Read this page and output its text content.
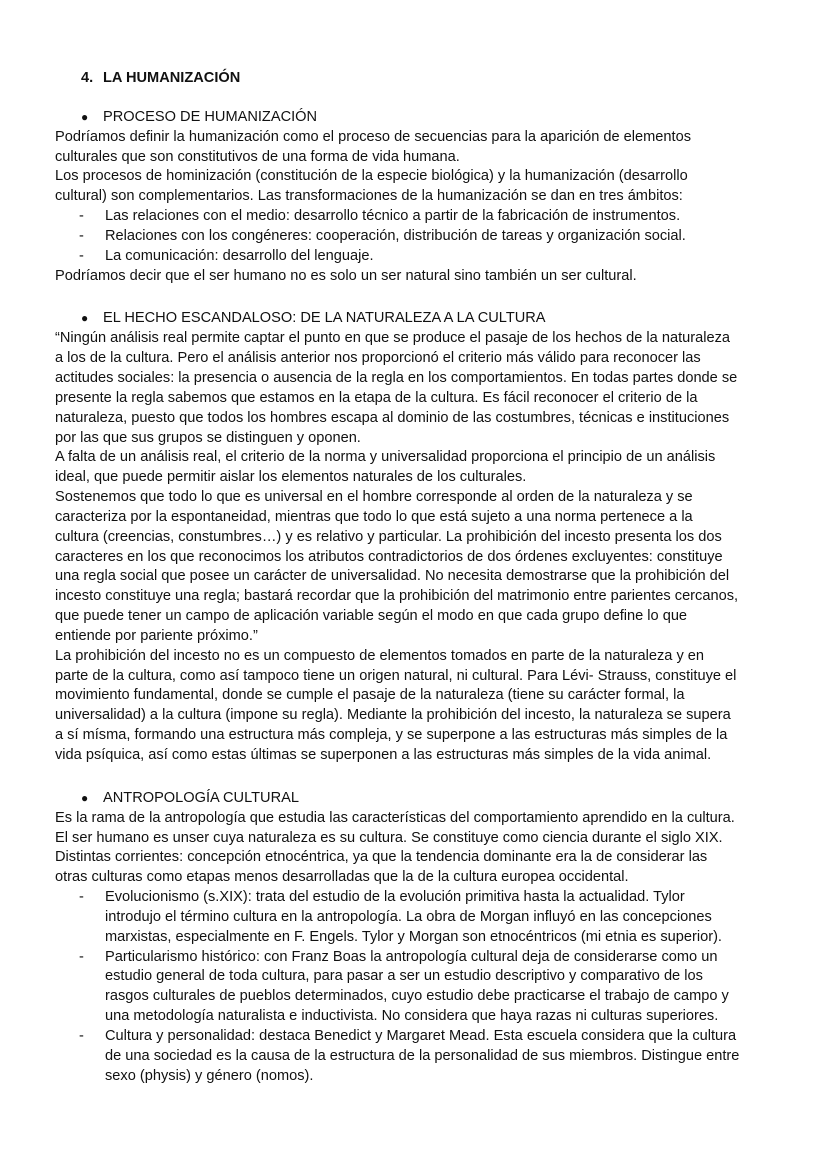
4. LA HUMANIZACIÓN
● PROCESO DE HUMANIZACIÓN
Podríamos definir la humanización como el proceso de secuencias para la aparición de elementos
culturales que son constitutivos de una forma de vida humana.
Los procesos de hominización (constitución de la especie biológica) y la humanización (desarrollo
cultural) son complementarios. Las transformaciones de la humanización se dan en tres ámbitos:
- Las relaciones con el medio: desarrollo técnico a partir de la fabricación de instrumentos.
- Relaciones con los congéneres: cooperación, distribución de tareas y organización social.
- La comunicación: desarrollo del lenguaje.
Podríamos decir que el ser humano no es solo un ser natural sino también un ser cultural.
● EL HECHO ESCANDALOSO: DE LA NATURALEZA A LA CULTURA
“Ningún análisis real permite captar el punto en que se produce el pasaje de los hechos de la naturaleza
a los de la cultura. Pero el análisis anterior nos proporcionó el criterio más válido para reconocer las
actitudes sociales: la presencia o ausencia de la regla en los comportamientos. En todas partes donde se
presente la regla sabemos que estamos en la etapa de la cultura. Es fácil reconocer el criterio de la
naturaleza, puesto que todos los hombres escapa al dominio de las costumbres, técnicas e instituciones
por las que sus grupos se distinguen y oponen.
A falta de un análisis real, el criterio de la norma y universalidad proporciona el principio de un análisis
ideal, que puede permitir aislar los elementos naturales de los culturales.
Sostenemos que todo lo que es universal en el hombre corresponde al orden de la naturaleza y se
caracteriza por la espontaneidad, mientras que todo lo que está sujeto a una norma pertenece a la
cultura (creencias, constumbres…) y es relativo y particular. La prohibición del incesto presenta los dos
caracteres en los que reconocimos los atributos contradictorios de dos órdenes excluyentes: constituye
una regla social que posee un carácter de universalidad. No necesita demostrarse que la prohibición del
incesto constituye una regla; bastará recordar que la prohibición del matrimonio entre parientes cercanos,
que puede tener un campo de aplicación variable según el modo en que cada grupo define lo que
entiende por pariente próximo.”
La prohibición del incesto no es un compuesto de elementos tomados en parte de la naturaleza y en
parte de la cultura, como así tampoco tiene un origen natural, ni cultural. Para Lévi- Strauss, constituye el
movimiento fundamental, donde se cumple el pasaje de la naturaleza (tiene su carácter formal, la
universalidad) a la cultura (impone su regla). Mediante la prohibición del incesto, la naturaleza se supera
a sí mísma, formando una estructura más compleja, y se superpone a las estructuras más simples de la
vida psíquica, así como estas últimas se superponen a las estructuras más simples de la vida animal.
● ANTROPOLOGÍA CULTURAL
Es la rama de la antropología que estudia las características del comportamiento aprendido en la cultura.
El ser humano es unser cuya naturaleza es su cultura. Se constituye como ciencia durante el siglo XIX.
Distintas corrientes: concepción etnocéntrica, ya que la tendencia dominante era la de considerar las
otras culturas como etapas menos desarrolladas que la de la cultura europea occidental.
- Evolucionismo (s.XIX): trata del estudio de la evolución primitiva hasta la actualidad. Tylor
introdujo el término cultura en la antropología. La obra de Morgan influyó en las concepciones
marxistas, especialmente en F. Engels. Tylor y Morgan son etnocéntricos (mi etnia es superior).
- Particularismo histórico: con Franz Boas la antropología cultural deja de considerarse como un
estudio general de toda cultura, para pasar a ser un estudio descriptivo y comparativo de los
rasgos culturales de pueblos determinados, cuyo estudio debe practicarse el trabajo de campo y
una metodología naturalista e inductivista. No considera que haya razas ni culturas superiores.
- Cultura y personalidad: destaca Benedict y Margaret Mead. Esta escuela considera que la cultura
de una sociedad es la causa de la estructura de la personalidad de sus miembros. Distingue entre
sexo (physis) y género (nomos).
